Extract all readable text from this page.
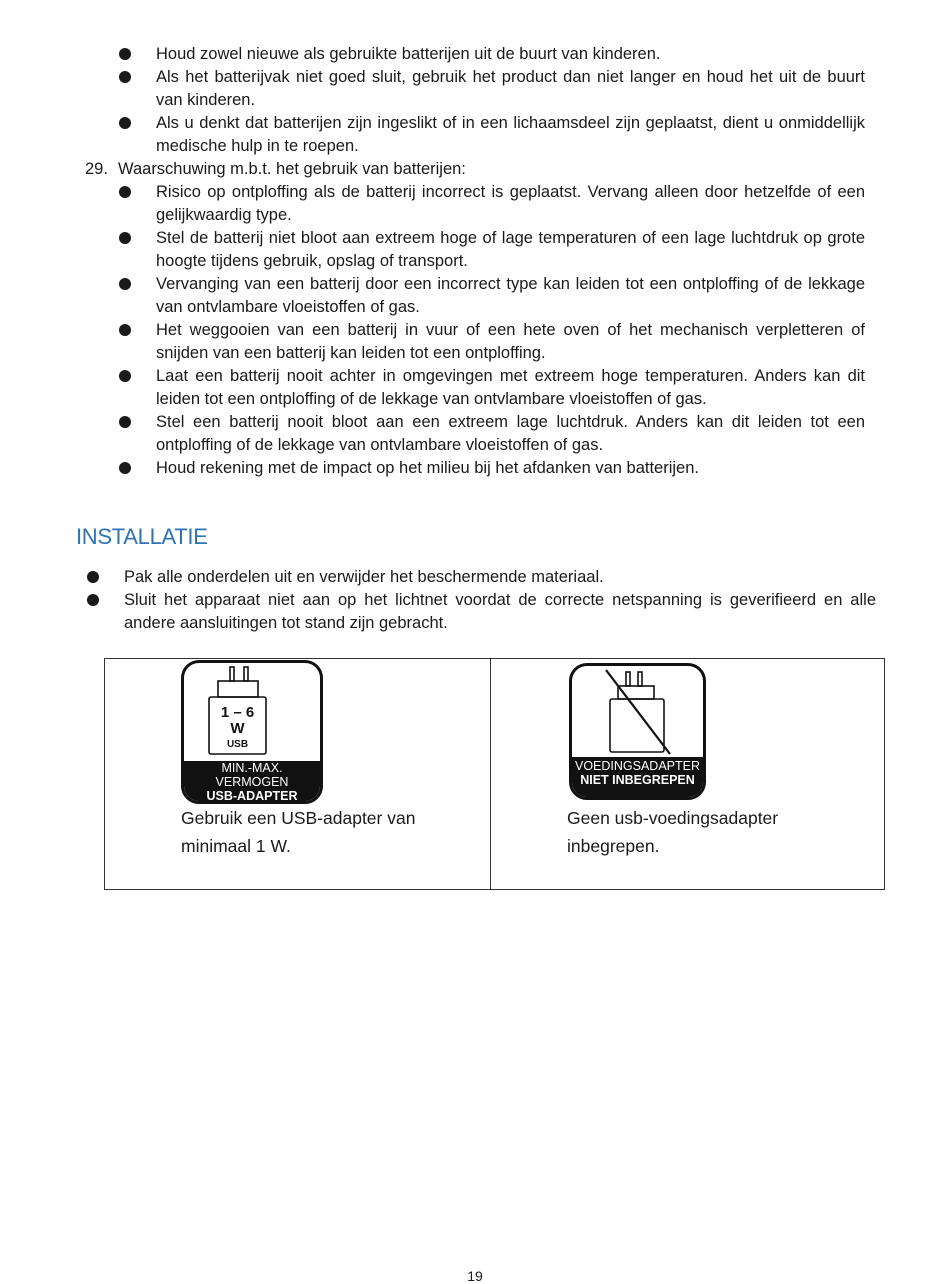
Houd zowel nieuwe als gebruikte batterijen uit de buurt van kinderen.
Als het batterijvak niet goed sluit, gebruik het product dan niet langer en houd het uit de buurt van kinderen.
Als u denkt dat batterijen zijn ingeslikt of in een lichaamsdeel zijn geplaatst, dient u onmiddellijk medische hulp in te roepen.
29. Waarschuwing m.b.t. het gebruik van batterijen:
Risico op ontploffing als de batterij incorrect is geplaatst. Vervang alleen door hetzelfde of een gelijkwaardig type.
Stel de batterij niet bloot aan extreem hoge of lage temperaturen of een lage luchtdruk op grote hoogte tijdens gebruik, opslag of transport.
Vervanging van een batterij door een incorrect type kan leiden tot een ontploffing of de lekkage van ontvlambare vloeistoffen of gas.
Het weggooien van een batterij in vuur of een hete oven of het mechanisch verpletteren of snijden van een batterij kan leiden tot een ontploffing.
Laat een batterij nooit achter in omgevingen met extreem hoge temperaturen. Anders kan dit leiden tot een ontploffing of de lekkage van ontvlambare vloeistoffen of gas.
Stel een batterij nooit bloot aan een extreem lage luchtdruk. Anders kan dit leiden tot een ontploffing of de lekkage van ontvlambare vloeistoffen of gas.
Houd rekening met de impact op het milieu bij het afdanken van batterijen.
INSTALLATIE
Pak alle onderdelen uit en verwijder het beschermende materiaal.
Sluit het apparaat niet aan op het lichtnet voordat de correcte netspanning is geverifieerd en alle andere aansluitingen tot stand zijn gebracht.
1 – 6
W
USB
MIN.-MAX.
VERMOGEN
USB-ADAPTER
Gebruik een USB-adapter van minimaal 1 W.
VOEDINGSADAPTER
NIET INBEGREPEN
Geen usb-voedingsadapter inbegrepen.
19
